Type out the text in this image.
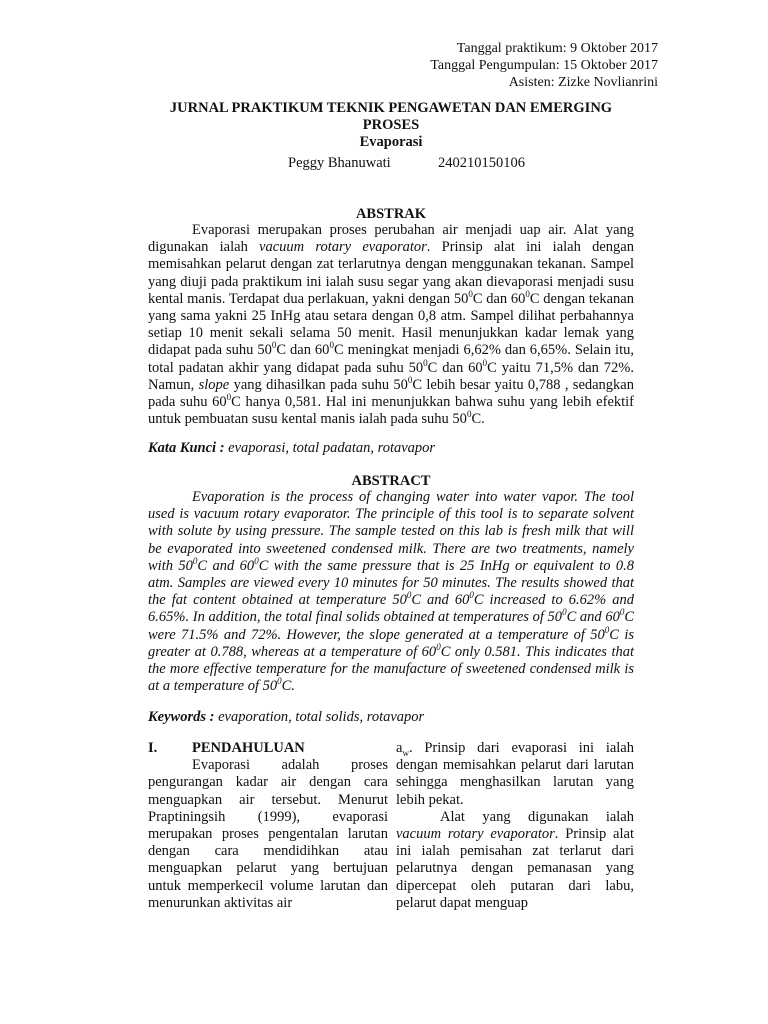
Tanggal praktikum: 9 Oktober 2017
Tanggal Pengumpulan: 15 Oktober 2017
Asisten: Zizke Novlianrini
JURNAL PRAKTIKUM TEKNIK PENGAWETAN DAN EMERGING
PROSES
Evaporasi
Peggy Bhanuwati	240210150106
ABSTRAK

Evaporasi merupakan proses perubahan air menjadi uap air. Alat yang digunakan ialah vacuum rotary evaporator. Prinsip alat ini ialah dengan memisahkan pelarut dengan zat terlarutnya dengan menggunakan tekanan. Sampel yang diuji pada praktikum ini ialah susu segar yang akan dievaporasi menjadi susu kental manis. Terdapat dua perlakuan, yakni dengan $50^0C$ dan $60^0C$ dengan tekanan yang sama yakni 25 InHg atau setara dengan 0,8 atm. Sampel dilihat perbahannya setiap 10 menit sekali selama 50 menit. Hasil menunjukkan kadar lemak yang didapat pada suhu $50^0C$ dan $60^0C$ meningkat menjadi 6,62% dan 6,65%. Selain itu, total padatan akhir yang didapat pada suhu $50^0C$ dan $60^0C$ yaitu 71,5% dan 72%. Namun, slope yang dihasilkan pada suhu $50^0C$ lebih besar yaitu 0,788 , sedangkan pada suhu $60^0C$ hanya 0,581. Hal ini menunjukkan bahwa suhu yang lebih efektif untuk pembuatan susu kental manis ialah pada suhu $50^0C$.

Kata Kunci : evaporasi, total padatan, rotavapor
ABSTRACT

Evaporation is the process of changing water into water vapor. The tool used is vacuum rotary evaporator. The principle of this tool is to separate solvent with solute by using pressure. The sample tested on this lab is fresh milk that will be evaporated into sweetened condensed milk. There are two treatments, namely with $50^0C$ and $60^0C$ with the same pressure that is 25 InHg or equivalent to 0.8 atm. Samples are viewed every 10 minutes for 50 minutes. The results showed that the fat content obtained at temperature $50^0C$ and $60^0C$ increased to 6.62% and 6.65%. In addition, the total final solids obtained at temperatures of $50^0C$ and $60^0C$ were 71.5% and 72%. However, the slope generated at a temperature of $50^0C$ is greater at 0.788, whereas at a temperature of $60^0C$ only 0.581. This indicates that the more effective temperature for the manufacture of sweetened condensed milk is at a temperature of $50^0C$.

Keywords : evaporation, total solids, rotavapor
I.	PENDAHULUAN

Evaporasi adalah proses pengurangan kadar air dengan cara menguapkan air tersebut. Menurut Praptiningsih (1999), evaporasi merupakan proses pengentalan larutan dengan cara mendidihkan atau menguapkan pelarut yang bertujuan untuk memperkecil volume larutan dan menurunkan aktivitas air

$a_w$. Prinsip dari evaporasi ini ialah dengan memisahkan pelarut dari larutan sehingga menghasilkan larutan yang lebih pekat.

Alat yang digunakan ialah vacuum rotary evaporator. Prinsip alat ini ialah pemisahan zat terlarut dari pelarutnya dengan pemanasan yang dipercepat oleh putaran dari labu, pelarut dapat menguap
